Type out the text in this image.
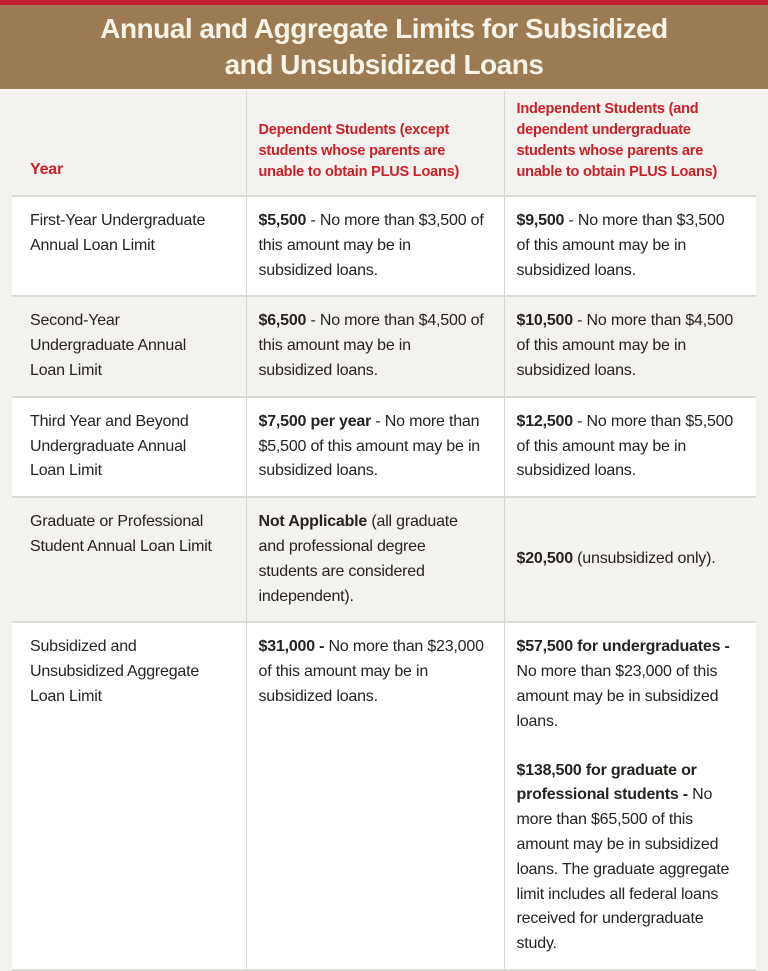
Annual and Aggregate Limits for Subsidized
and Unsubsidized Loans
Year	Dependent Students (except students whose parents are unable to obtain PLUS Loans)	Independent Students (and dependent undergraduate students whose parents are unable to obtain PLUS Loans)
First-Year Undergraduate Annual Loan Limit	$5,500 - No more than $3,500 of this amount may be in subsidized loans.	$9,500 - No more than $3,500 of this amount may be in subsidized loans.

Second-Year Undergraduate Annual Loan Limit	$6,500 - No more than $4,500 of this amount may be in subsidized loans.	$10,500 - No more than $4,500 of this amount may be in subsidized loans.

Third Year and Beyond Undergraduate Annual Loan Limit	$7,500 per year - No more than $5,500 of this amount may be in subsidized loans.	$12,500 - No more than $5,500 of this amount may be in subsidized loans.

Graduate or Professional Student Annual Loan Limit	Not Applicable (all graduate and professional degree students are considered independent).	$20,500 (unsubsidized only).

Subsidized and Unsubsidized Aggregate Loan Limit	$31,000 - No more than $23,000 of this amount may be in subsidized loans.	$57,500 for undergraduates - No more than $23,000 of this amount may be in subsidized loans.

$138,500 for graduate or professional students - No more than $65,500 of this amount may be in subsidized loans. The graduate aggregate limit includes all federal loans received for undergraduate study.
